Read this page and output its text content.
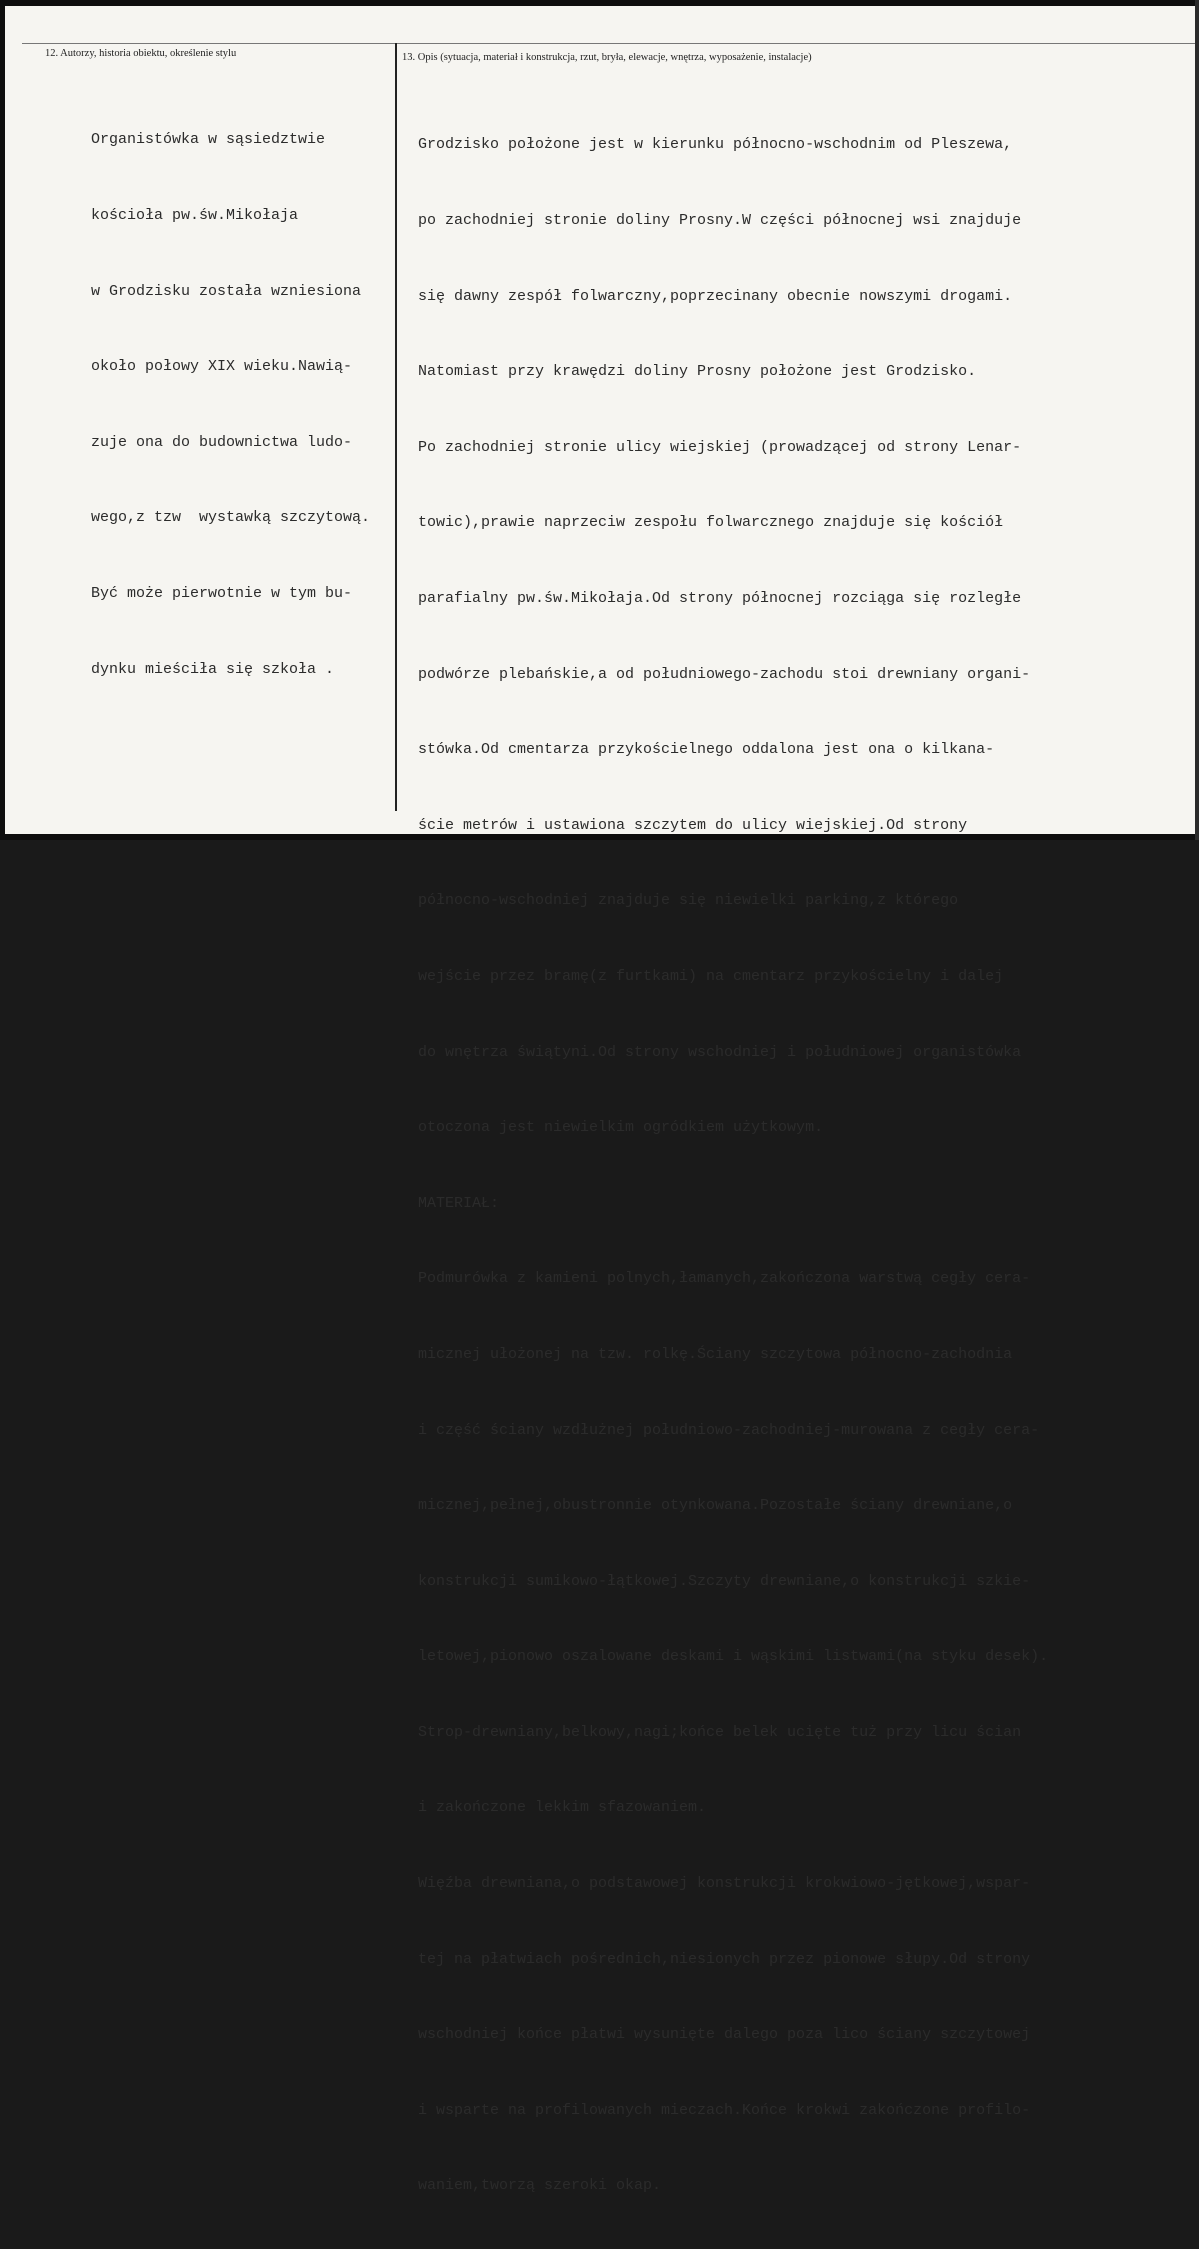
12. Autorzy, historia obiektu, określenie stylu	13. Opis (sytuacja, materiał i konstrukcja, rzut, bryła, elewacje, wnętrza, wyposażenie, instalacje)

Organistówka w sąsiedztwie

kościoła pw.św.Mikołaja

w Grodzisku została wzniesiona

około połowy XIX wieku.Nawią-

zuje ona do budownictwa ludo-

wego,z tzw  wystawką szczytową.

Być może pierwotnie w tym bu-

dynku mieściła się szkoła .

Grodzisko położone jest w kierunku północno-wschodnim od Pleszewa,

po zachodniej stronie doliny Prosny.W części północnej wsi znajduje

się dawny zespół folwarczny,poprzecinany obecnie nowszymi drogami.

Natomiast przy krawędzi doliny Prosny położone jest Grodzisko.

Po zachodniej stronie ulicy wiejskiej (prowadzącej od strony Lenar-

towic),prawie naprzeciw zespołu folwarcznego znajduje się kościół

parafialny pw.św.Mikołaja.Od strony północnej rozciąga się rozległe

podwórze plebańskie,a od południowego-zachodu stoi drewniany organi-

stówka.Od cmentarza przykościelnego oddalona jest ona o kilkana-

ście metrów i ustawiona szczytem do ulicy wiejskiej.Od strony

północno-wschodniej znajduje się niewielki parking,z którego

wejście przez bramę(z furtkami) na cmentarz przykościelny i dalej

do wnętrza świątyni.Od strony wschodniej i południowej organistówka

otoczona jest niewielkim ogródkiem użytkowym.

MATERIAŁ:

Podmurówka z kamieni polnych,łamanych,zakończona warstwą cegły cera-

micznej ułożonej na tzw. rolkę.Ściany szczytowa północno-zachodnia

i część ściany wzdłużnej południowo-zachodniej-murowana z cegły cera-

micznej,pełnej,obustronnie otynkowana.Pozostałe ściany drewniane,o

konstrukcji sumikowo-łątkowej.Szczyty drewniane,o konstrukcji szkie-

letowej,pionowo oszalowane deskami i wąskimi listwami(na styku desek).

Strop-drewniany,belkowy,nagi;końce belek ucięte tuż przy licu ścian

i zakończone lekkim sfazowaniem.

Więźba drewniana,o podstawowej konstrukcji krokwiowo-jętkowej,wspar-

tej na płatwiach pośrednich,niesionych przez pionowe słupy.Od strony

wschodniej końce płatwi wysunięte dalego poza lico ściany szczytowej

i wsparte na profilowanych mieczach.Końce krokwi zakończone profilo-

waniem,tworzą szeroki okap.
